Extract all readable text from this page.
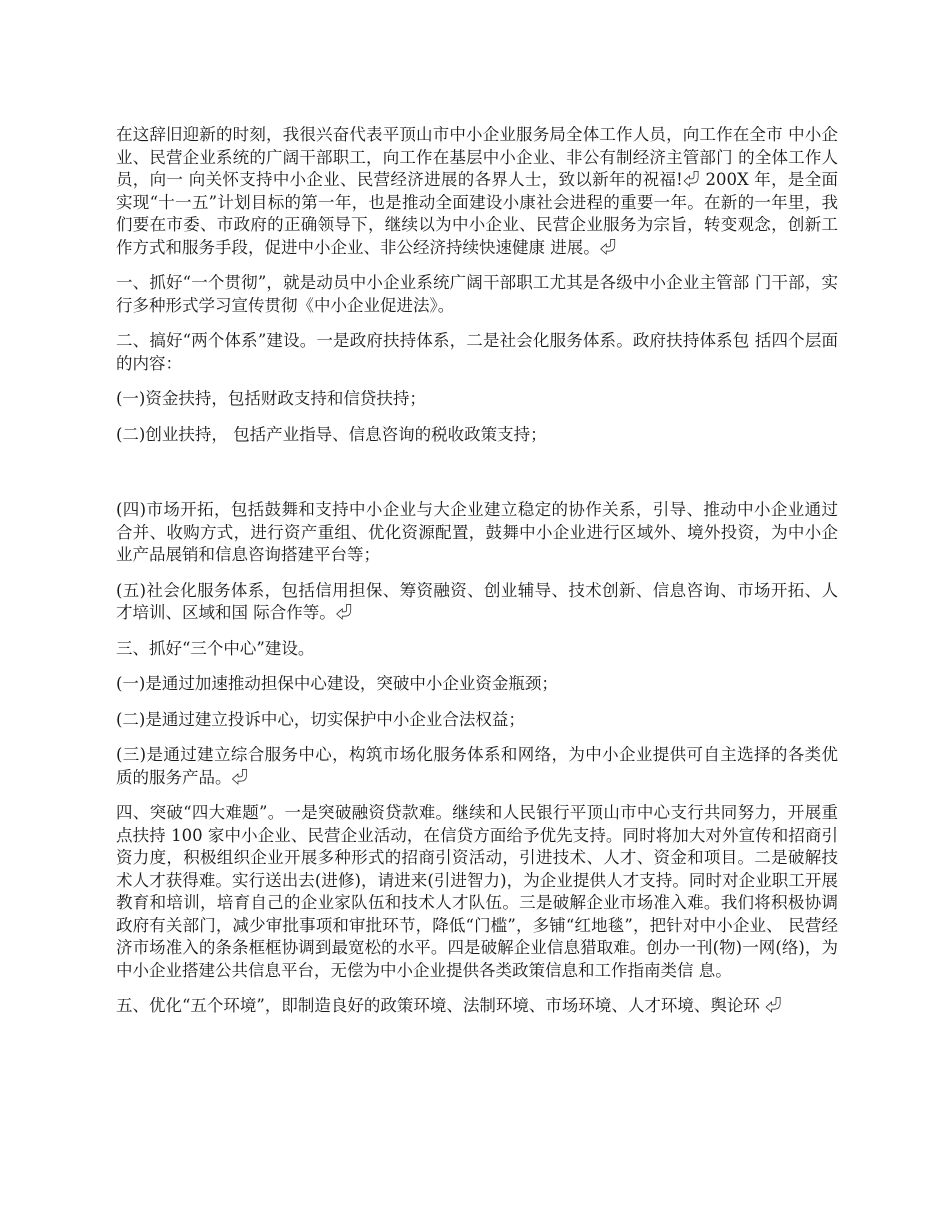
在这辞旧迎新的时刻，我很兴奋代表平顶山市中小企业服务局全体工作人员，向工作在全市 中小企业、民营企业系统的广阔干部职工，向工作在基层中小企业、非公有制经济主管部门 的全体工作人员，向一 向关怀支持中小企业、民营经济进展的各界人士，致以新年的祝福!⏎ 200X 年，是全面实现“十一五”计划目标的第一年，也是推动全面建设小康社会进程的重要一年。在新的一年里，我们要在市委、市政府的正确领导下，继续以为中小企业、民营企业服务为宗旨，转变观念，创新工作方式和服务手段，促进中小企业、非公经济持续快速健康 进展。⏎

一、抓好“一个贯彻”，就是动员中小企业系统广阔干部职工尤其是各级中小企业主管部 门干部，实行多种形式学习宣传贯彻《中小企业促进法》。

二、搞好“两个体系”建设。一是政府扶持体系，二是社会化服务体系。政府扶持体系包 括四个层面的内容：

(一)资金扶持，包括财政支持和信贷扶持；

(二)创业扶持， 包括产业指导、信息咨询的税收政策支持；

(四)市场开拓，包括鼓舞和支持中小企业与大企业建立稳定的协作关系，引导、推动中小企业通过合并、收购方式，进行资产重组、优化资源配置，鼓舞中小企业进行区域外、境外投资，为中小企业产品展销和信息咨询搭建平台等；

(五)社会化服务体系，包括信用担保、筹资融资、创业辅导、技术创新、信息咨询、市场开拓、人才培训、区域和国 际合作等。⏎

三、抓好“三个中心”建设。

(一)是通过加速推动担保中心建设，突破中小企业资金瓶颈；

(二)是通过建立投诉中心，切实保护中小企业合法权益；

(三)是通过建立综合服务中心，构筑市场化服务体系和网络，为中小企业提供可自主选择的各类优质的服务产品。⏎

四、突破“四大难题”。一是突破融资贷款难。继续和人民银行平顶山市中心支行共同努力，开展重点扶持 100 家中小企业、民营企业活动，在信贷方面给予优先支持。同时将加大对外宣传和招商引资力度，积极组织企业开展多种形式的招商引资活动，引进技术、人才、资金和项目。二是破解技术人才获得难。实行送出去(进修)，请进来(引进智力)，为企业提供人才支持。同时对企业职工开展教育和培训，培育自己的企业家队伍和技术人才队伍。三是破解企业市场准入难。我们将积极协调政府有关部门，减少审批事项和审批环节，降低“门槛”，多铺“红地毯”，把针对中小企业、 民营经济市场准入的条条框框协调到最宽松的水平。四是破解企业信息猎取难。创办一刊(物)一网(络)，为中小企业搭建公共信息平台，无偿为中小企业提供各类政策信息和工作指南类信 息。

五、优化“五个环境”，即制造良好的政策环境、法制环境、市场环境、人才环境、舆论环 ⏎
